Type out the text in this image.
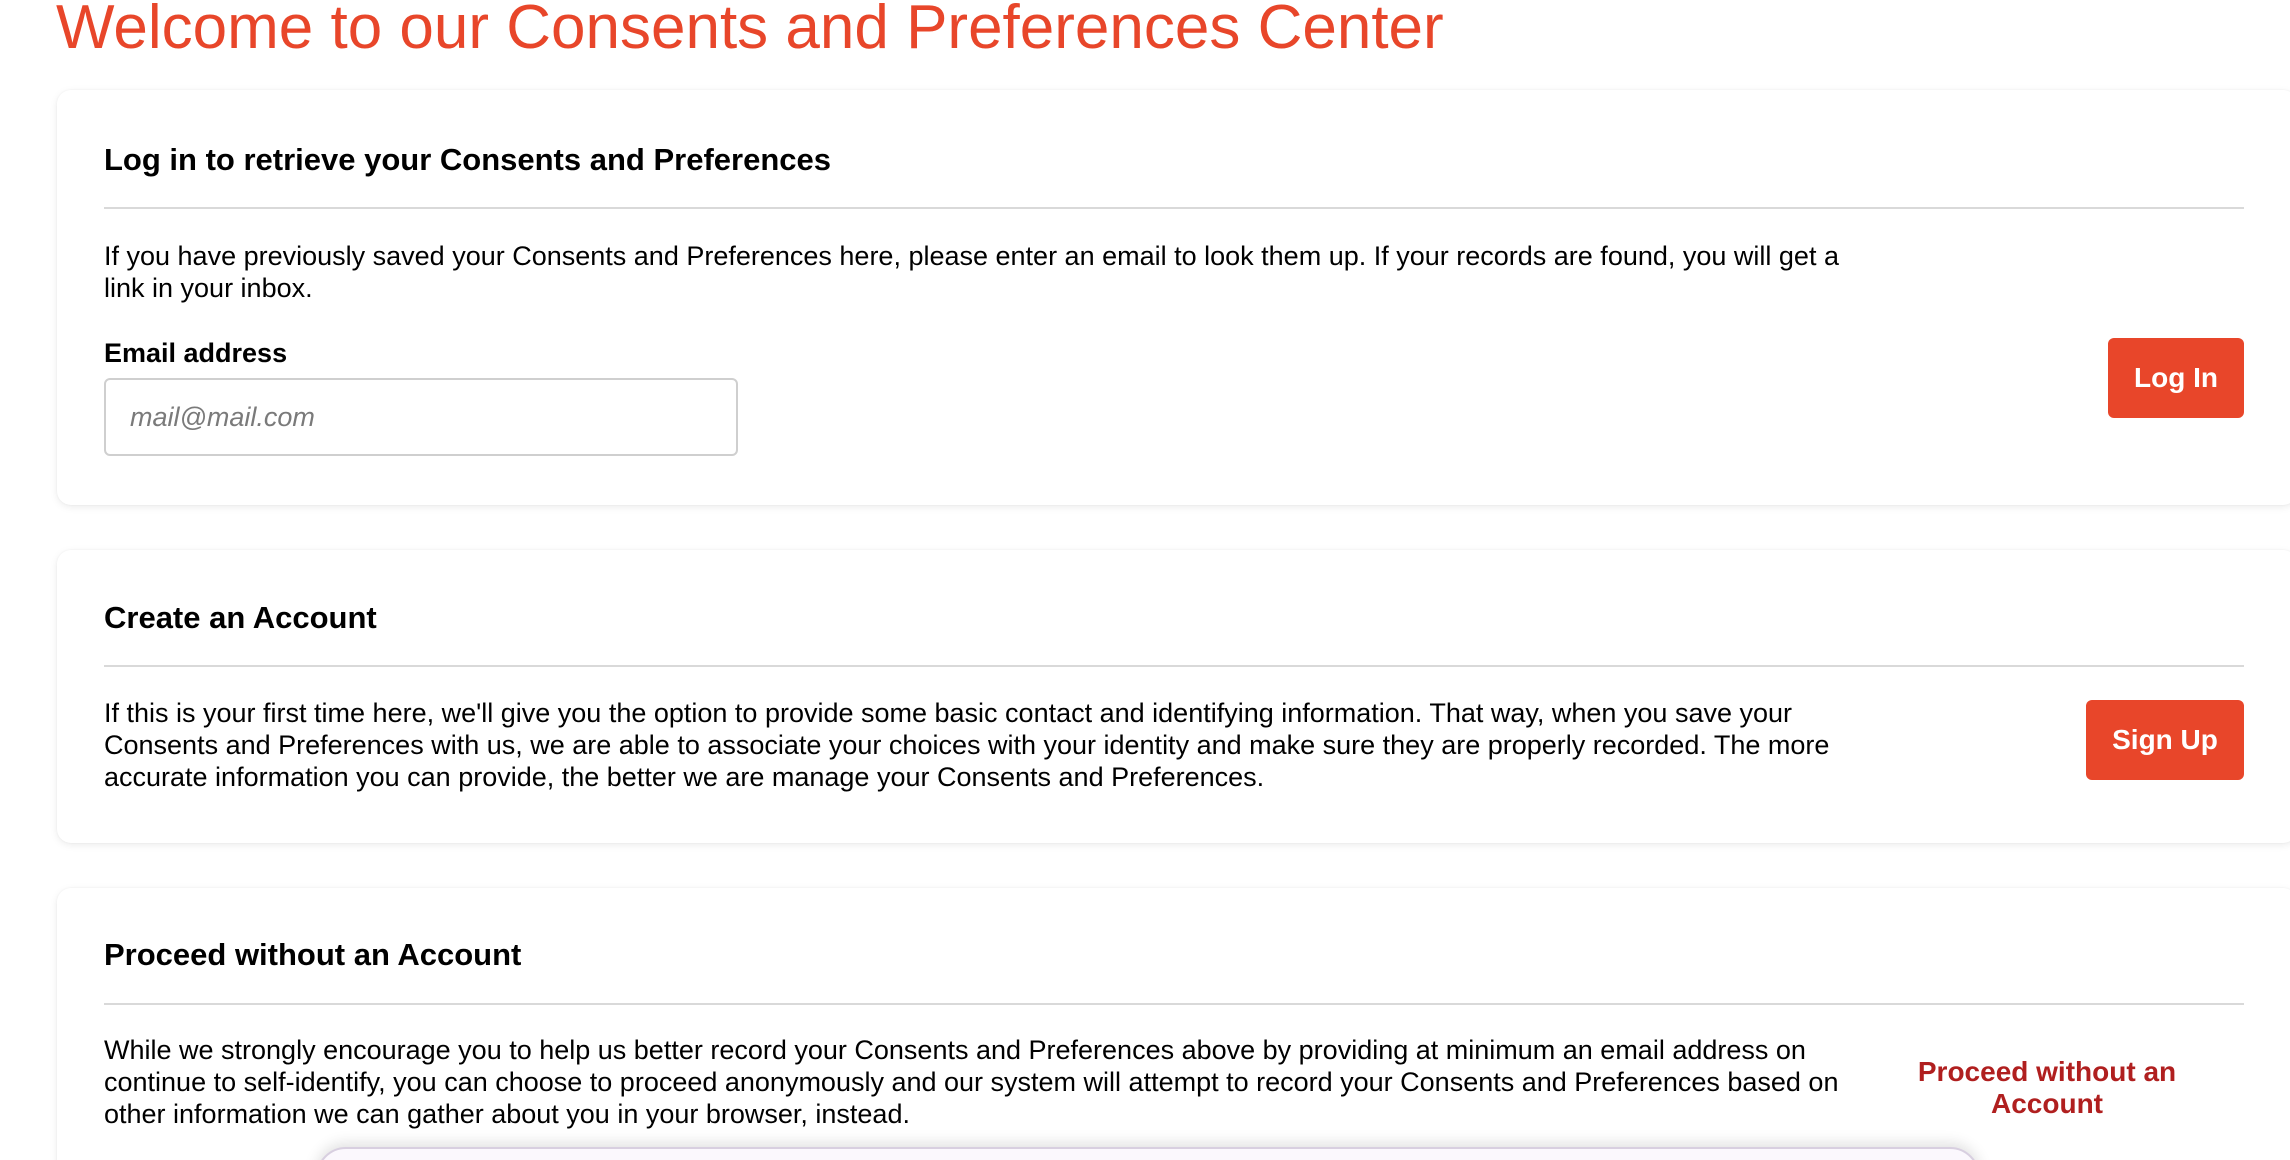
Welcome to our Consents and Preferences Center
Log in to retrieve your Consents and Preferences

If you have previously saved your Consents and Preferences here, please enter an email to look them up. If your records are found, you will get a link in your inbox.

Email address
mail@mail.com
Log In
Create an Account

If this is your first time here, we'll give you the option to provide some basic contact and identifying information. That way, when you save your Consents and Preferences with us, we are able to associate your choices with your identity and make sure they are properly recorded. The more accurate information you can provide, the better we are manage your Consents and Preferences.

Sign Up
Proceed without an Account

While we strongly encourage you to help us better record your Consents and Preferences above by providing at minimum an email address on continue to self-identify, you can choose to proceed anonymously and our system will attempt to record your Consents and Preferences based on other information we can gather about you in your browser, instead.

Proceed without an Account
